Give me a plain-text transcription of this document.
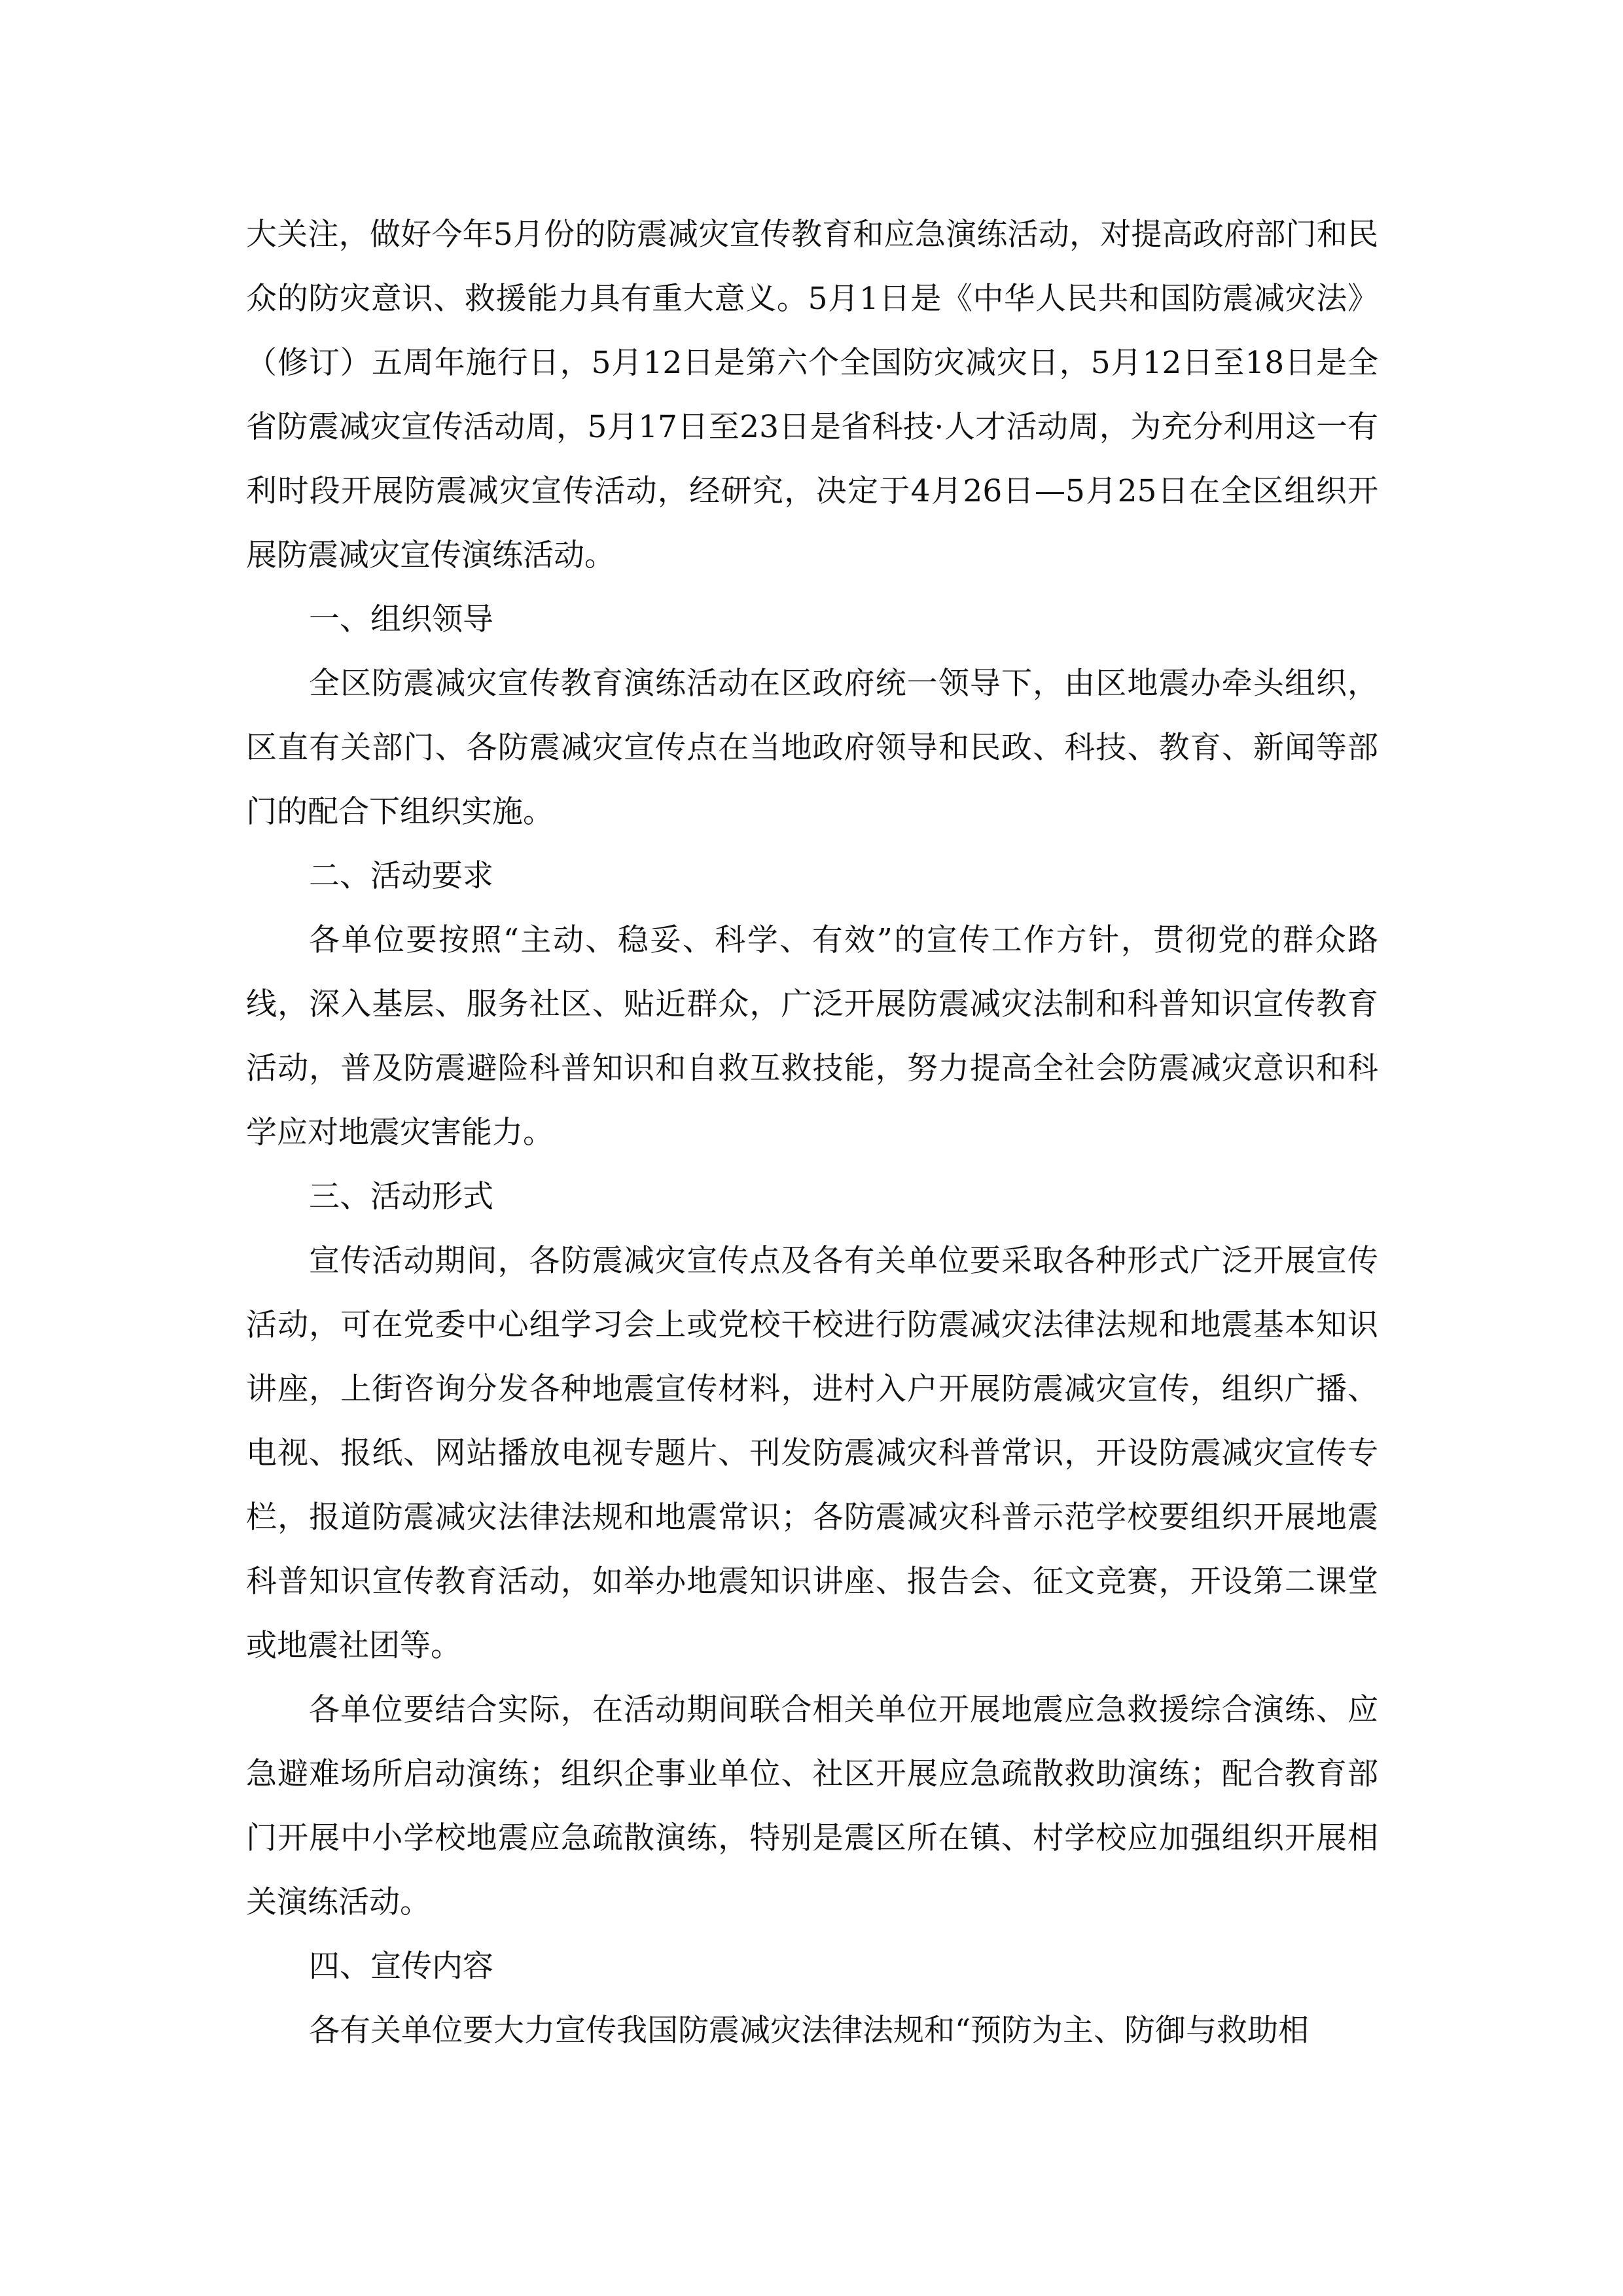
大关注，做好今年5月份的防震减灾宣传教育和应急演练活动，对提高政府部门和民众的防灾意识、救援能力具有重大意义。5月1日是《中华人民共和国防震减灾法》（修订）五周年施行日，5月12日是第六个全国防灾减灾日，5月12日至18日是全省防震减灾宣传活动周，5月17日至23日是省科技·人才活动周，为充分利用这一有利时段开展防震减灾宣传活动，经研究，决定于4月26日—5月25日在全区组织开展防震减灾宣传演练活动。

一、组织领导

全区防震减灾宣传教育演练活动在区政府统一领导下，由区地震办牵头组织，区直有关部门、各防震减灾宣传点在当地政府领导和民政、科技、教育、新闻等部门的配合下组织实施。

二、活动要求

各单位要按照“主动、稳妥、科学、有效”的宣传工作方针，贯彻党的群众路线，深入基层、服务社区、贴近群众，广泛开展防震减灾法制和科普知识宣传教育活动，普及防震避险科普知识和自救互救技能，努力提高全社会防震减灾意识和科学应对地震灾害能力。

三、活动形式

宣传活动期间，各防震减灾宣传点及各有关单位要采取各种形式广泛开展宣传活动，可在党委中心组学习会上或党校干校进行防震减灾法律法规和地震基本知识讲座，上街咨询分发各种地震宣传材料，进村入户开展防震减灾宣传，组织广播、电视、报纸、网站播放电视专题片、刊发防震减灾科普常识，开设防震减灾宣传专栏，报道防震减灾法律法规和地震常识；各防震减灾科普示范学校要组织开展地震科普知识宣传教育活动，如举办地震知识讲座、报告会、征文竞赛，开设第二课堂或地震社团等。

各单位要结合实际，在活动期间联合相关单位开展地震应急救援综合演练、应急避难场所启动演练；组织企事业单位、社区开展应急疏散救助演练；配合教育部门开展中小学校地震应急疏散演练，特别是震区所在镇、村学校应加强组织开展相关演练活动。

四、宣传内容

各有关单位要大力宣传我国防震减灾法律法规和“预防为主、防御与救助相
